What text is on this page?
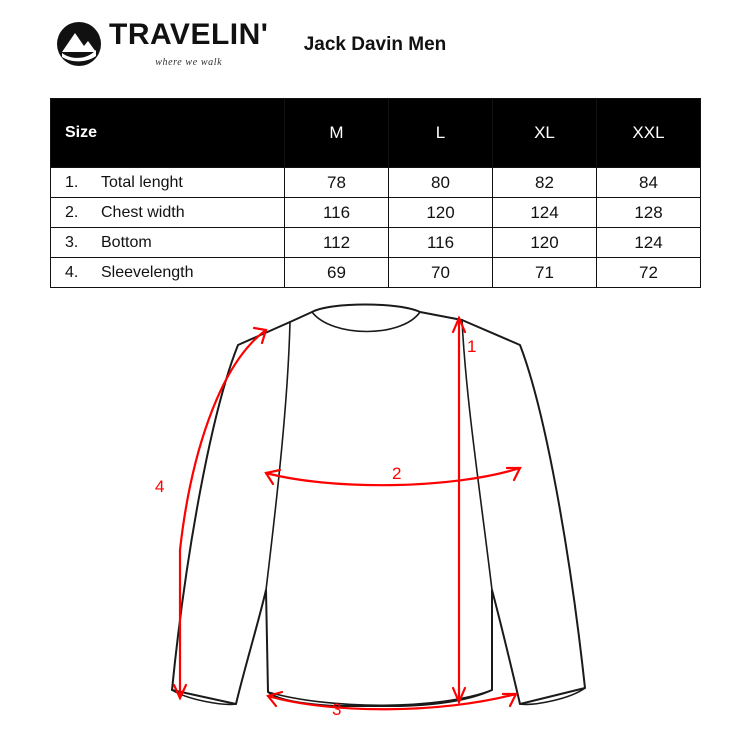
TRAVELIN'
where we walk
Jack Davin Men
Size	M	L	XL	XXL
1. Total lenght	78	80	82	84
2. Chest width	116	120	124	128
3. Bottom	112	116	120	124
4. Sleevelength	69	70	71	72
1
2
3
4
